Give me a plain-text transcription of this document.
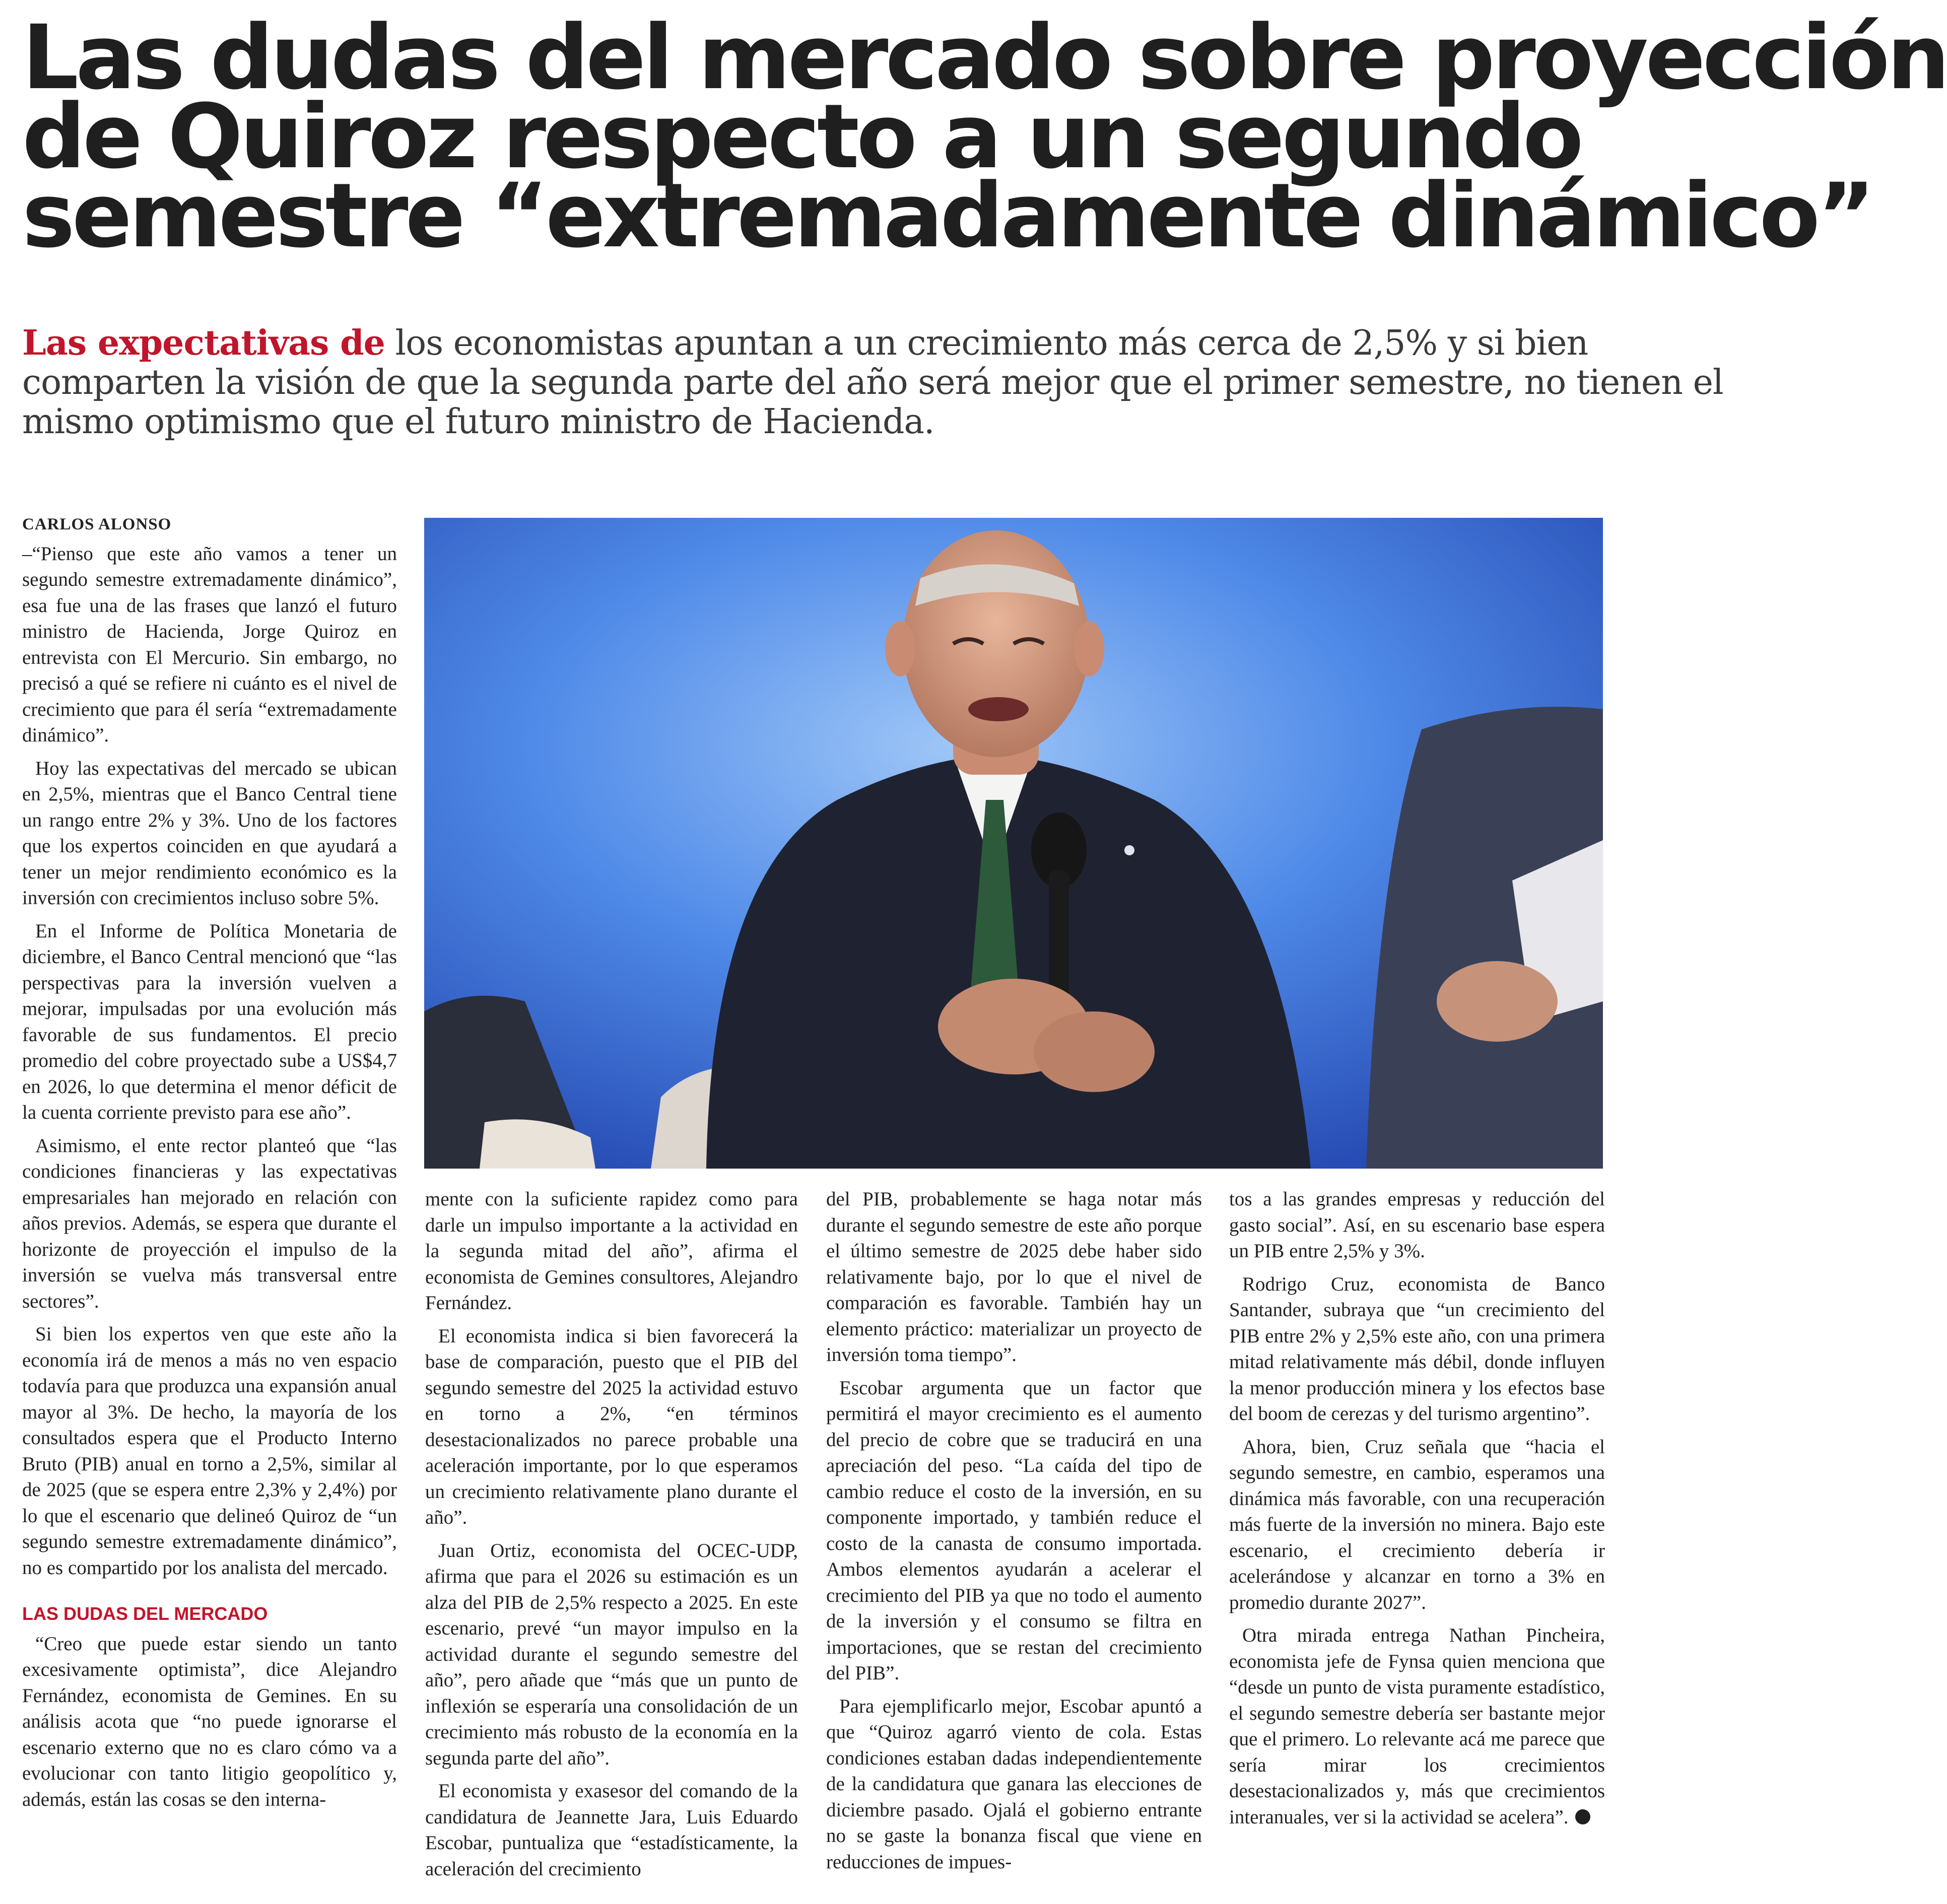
Las dudas del mercado sobre proyección
de Quiroz respecto a un segundo
semestre “extremadamente dinámico”
Las expectativas de los economistas apuntan a un crecimiento más cerca de 2,5% y si bien
comparten la visión de que la segunda parte del año será mejor que el primer semestre, no tienen el
mismo optimismo que el futuro ministro de Hacienda.

CARLOS ALONSO

–“Pienso que este año vamos a tener un segundo semestre extremadamente dinámico”, esa fue una de las frases que lanzó el futuro ministro de Hacienda, Jorge Quiroz en entrevista con El Mercurio. Sin embargo, no precisó a qué se refiere ni cuánto es el nivel de crecimiento que para él sería “extremadamente dinámico”.

Hoy las expectativas del mercado se ubican en 2,5%, mientras que el Banco Central tiene un rango entre 2% y 3%. Uno de los factores que los expertos coinciden en que ayudará a tener un mejor rendimiento económico es la inversión con crecimientos incluso sobre 5%.

En el Informe de Política Monetaria de diciembre, el Banco Central mencionó que “las perspectivas para la inversión vuelven a mejorar, impulsadas por una evolución más favorable de sus fundamentos. El precio promedio del cobre proyectado sube a US$4,7 en 2026, lo que determina el menor déficit de la cuenta corriente previsto para ese año”.

Asimismo, el ente rector planteó que “las condiciones financieras y las expectativas empresariales han mejorado en relación con años previos. Además, se espera que durante el horizonte de proyección el impulso de la inversión se vuelva más transversal entre sectores”.

Si bien los expertos ven que este año la economía irá de menos a más no ven espacio todavía para que produzca una expansión anual mayor al 3%. De hecho, la mayoría de los consultados espera que el Producto Interno Bruto (PIB) anual en torno a 2,5%, similar al de 2025 (que se espera entre 2,3% y 2,4%) por lo que el escenario que delineó Quiroz de “un segundo semestre extremadamente dinámico”, no es compartido por los analista del mercado.

LAS DUDAS DEL MERCADO

“Creo que puede estar siendo un tanto excesivamente optimista”, dice Alejandro Fernández, economista de Gemines. En su análisis acota que “no puede ignorarse el escenario externo que no es claro cómo va a evolucionar con tanto litigio geopolítico y, además, están las cosas se den interna-

mente con la suficiente rapidez como para darle un impulso importante a la actividad en la segunda mitad del año”, afirma el economista de Gemines consultores, Alejandro Fernández.

El economista indica si bien favorecerá la base de comparación, puesto que el PIB del segundo semestre del 2025 la actividad estuvo en torno a 2%, “en términos desestacionalizados no parece probable una aceleración importante, por lo que esperamos un crecimiento relativamente plano durante el año”.

Juan Ortiz, economista del OCEC-UDP, afirma que para el 2026 su estimación es un alza del PIB de 2,5% respecto a 2025. En este escenario, prevé “un mayor impulso en la actividad durante el segundo semestre del año”, pero añade que “más que un punto de inflexión se esperaría una consolidación de un crecimiento más robusto de la economía en la segunda parte del año”.

El economista y exasesor del comando de la candidatura de Jeannette Jara, Luis Eduardo Escobar, puntualiza que “estadísticamente, la aceleración del crecimiento

del PIB, probablemente se haga notar más durante el segundo semestre de este año porque el último semestre de 2025 debe haber sido relativamente bajo, por lo que el nivel de comparación es favorable. También hay un elemento práctico: materializar un proyecto de inversión toma tiempo”.

Escobar argumenta que un factor que permitirá el mayor crecimiento es el aumento del precio de cobre que se traducirá en una apreciación del peso. “La caída del tipo de cambio reduce el costo de la inversión, en su componente importado, y también reduce el costo de la canasta de consumo importada. Ambos elementos ayudarán a acelerar el crecimiento del PIB ya que no todo el aumento de la inversión y el consumo se filtra en importaciones, que se restan del crecimiento del PIB”.

Para ejemplificarlo mejor, Escobar apuntó a que “Quiroz agarró viento de cola. Estas condiciones estaban dadas independientemente de la candidatura que ganara las elecciones de diciembre pasado. Ojalá el gobierno entrante no se gaste la bonanza fiscal que viene en reducciones de impues-

tos a las grandes empresas y reducción del gasto social”. Así, en su escenario base espera un PIB entre 2,5% y 3%.

Rodrigo Cruz, economista de Banco Santander, subraya que “un crecimiento del PIB entre 2% y 2,5% este año, con una primera mitad relativamente más débil, donde influyen la menor producción minera y los efectos base del boom de cerezas y del turismo argentino”.

Ahora, bien, Cruz señala que “hacia el segundo semestre, en cambio, esperamos una dinámica más favorable, con una recuperación más fuerte de la inversión no minera. Bajo este escenario, el crecimiento debería ir acelerándose y alcanzar en torno a 3% en promedio durante 2027”.

Otra mirada entrega Nathan Pincheira, economista jefe de Fynsa quien menciona que “desde un punto de vista puramente estadístico, el segundo semestre debería ser bastante mejor que el primero. Lo relevante acá me parece que sería mirar los crecimientos desestacionalizados y, más que crecimientos interanuales, ver si la actividad se acelera”.
